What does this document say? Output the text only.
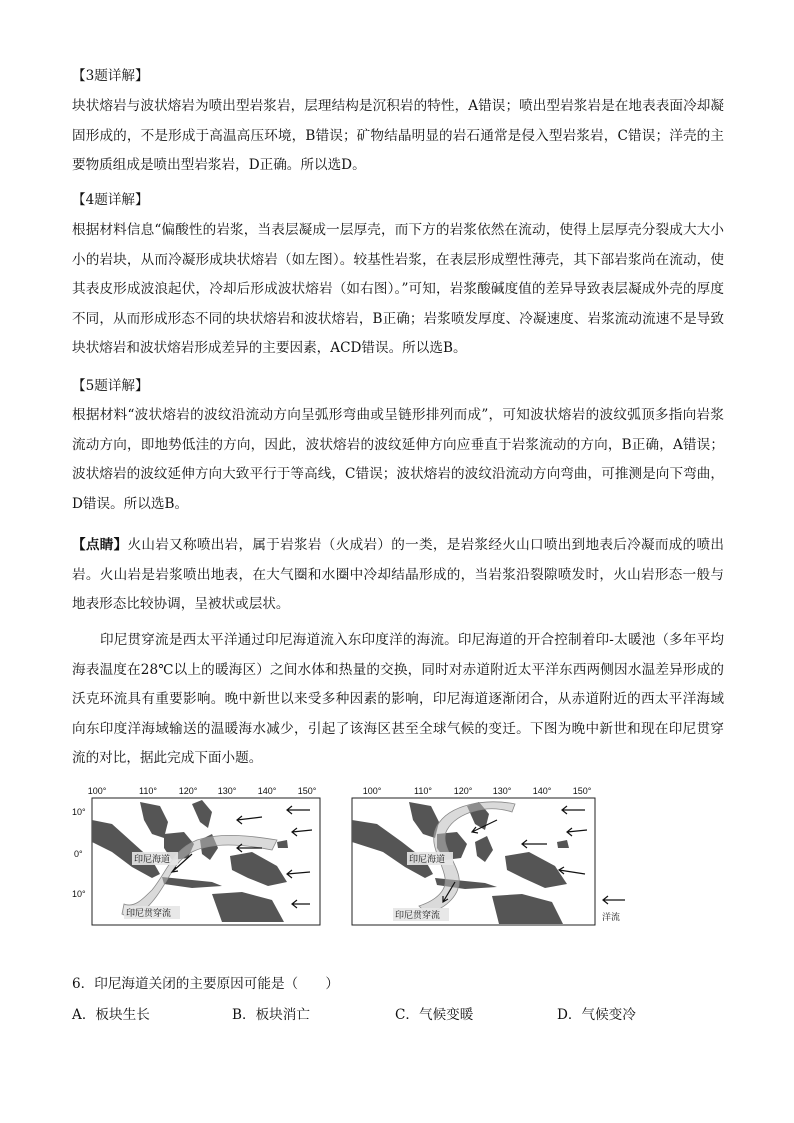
【3题详解】

块状熔岩与波状熔岩为喷出型岩浆岩，层理结构是沉积岩的特性，A错误；喷出型岩浆岩是在地表表面冷却凝固形成的，不是形成于高温高压环境，B错误；矿物结晶明显的岩石通常是侵入型岩浆岩，C错误；洋壳的主要物质组成是喷出型岩浆岩，D正确。所以选D。

【4题详解】

根据材料信息“偏酸性的岩浆，当表层凝成一层厚壳，而下方的岩浆依然在流动，使得上层厚壳分裂成大大小小的岩块，从而冷凝形成块状熔岩（如左图）。较基性岩浆，在表层形成塑性薄壳，其下部岩浆尚在流动，使其表皮形成波浪起伏，冷却后形成波状熔岩（如右图）。”可知，岩浆酸碱度值的差异导致表层凝成外壳的厚度不同，从而形成形态不同的块状熔岩和波状熔岩，B正确；岩浆喷发厚度、冷凝速度、岩浆流动流速不是导致块状熔岩和波状熔岩形成差异的主要因素，ACD错误。所以选B。

【5题详解】

根据材料“波状熔岩的波纹沿流动方向呈弧形弯曲或呈链形排列而成”，可知波状熔岩的波纹弧顶多指向岩浆流动方向，即地势低洼的方向，因此，波状熔岩的波纹延伸方向应垂直于岩浆流动的方向，B正确，A错误；波状熔岩的波纹延伸方向大致平行于等高线，C错误；波状熔岩的波纹沿流动方向弯曲，可推测是向下弯曲，D错误。所以选B。

【点睛】火山岩又称喷出岩，属于岩浆岩（火成岩）的一类，是岩浆经火山口喷出到地表后冷凝而成的喷出岩。火山岩是岩浆喷出地表，在大气圈和水圈中冷却结晶形成的，当岩浆沿裂隙喷发时，火山岩形态一般与地表形态比较协调，呈被状或层状。

印尼贯穿流是西太平洋通过印尼海道流入东印度洋的海流。印尼海道的开合控制着印-太暖池（多年平均海表温度在28℃以上的暖海区）之间水体和热量的交换，同时对赤道附近太平洋东西两侧因水温差异形成的沃克环流具有重要影响。晚中新世以来受多种因素的影响，印尼海道逐渐闭合，从赤道附近的西太平洋海域向东印度洋海域输送的温暖海水减少，引起了该海区甚至全球气候的变迁。下图为晚中新世和现在印尼贯穿流的对比，据此完成下面小题。

100°	110° 120° 130° 140° 150°
10°
0°
10°
印尼海道
印尼贯穿流
100°	110° 120° 130° 140° 150°
印尼海道
印尼贯穿流	洋流

6．印尼海道关闭的主要原因可能是（　　）

A．板块生长	B．板块消亡	C．气候变暖	D．气候变冷
